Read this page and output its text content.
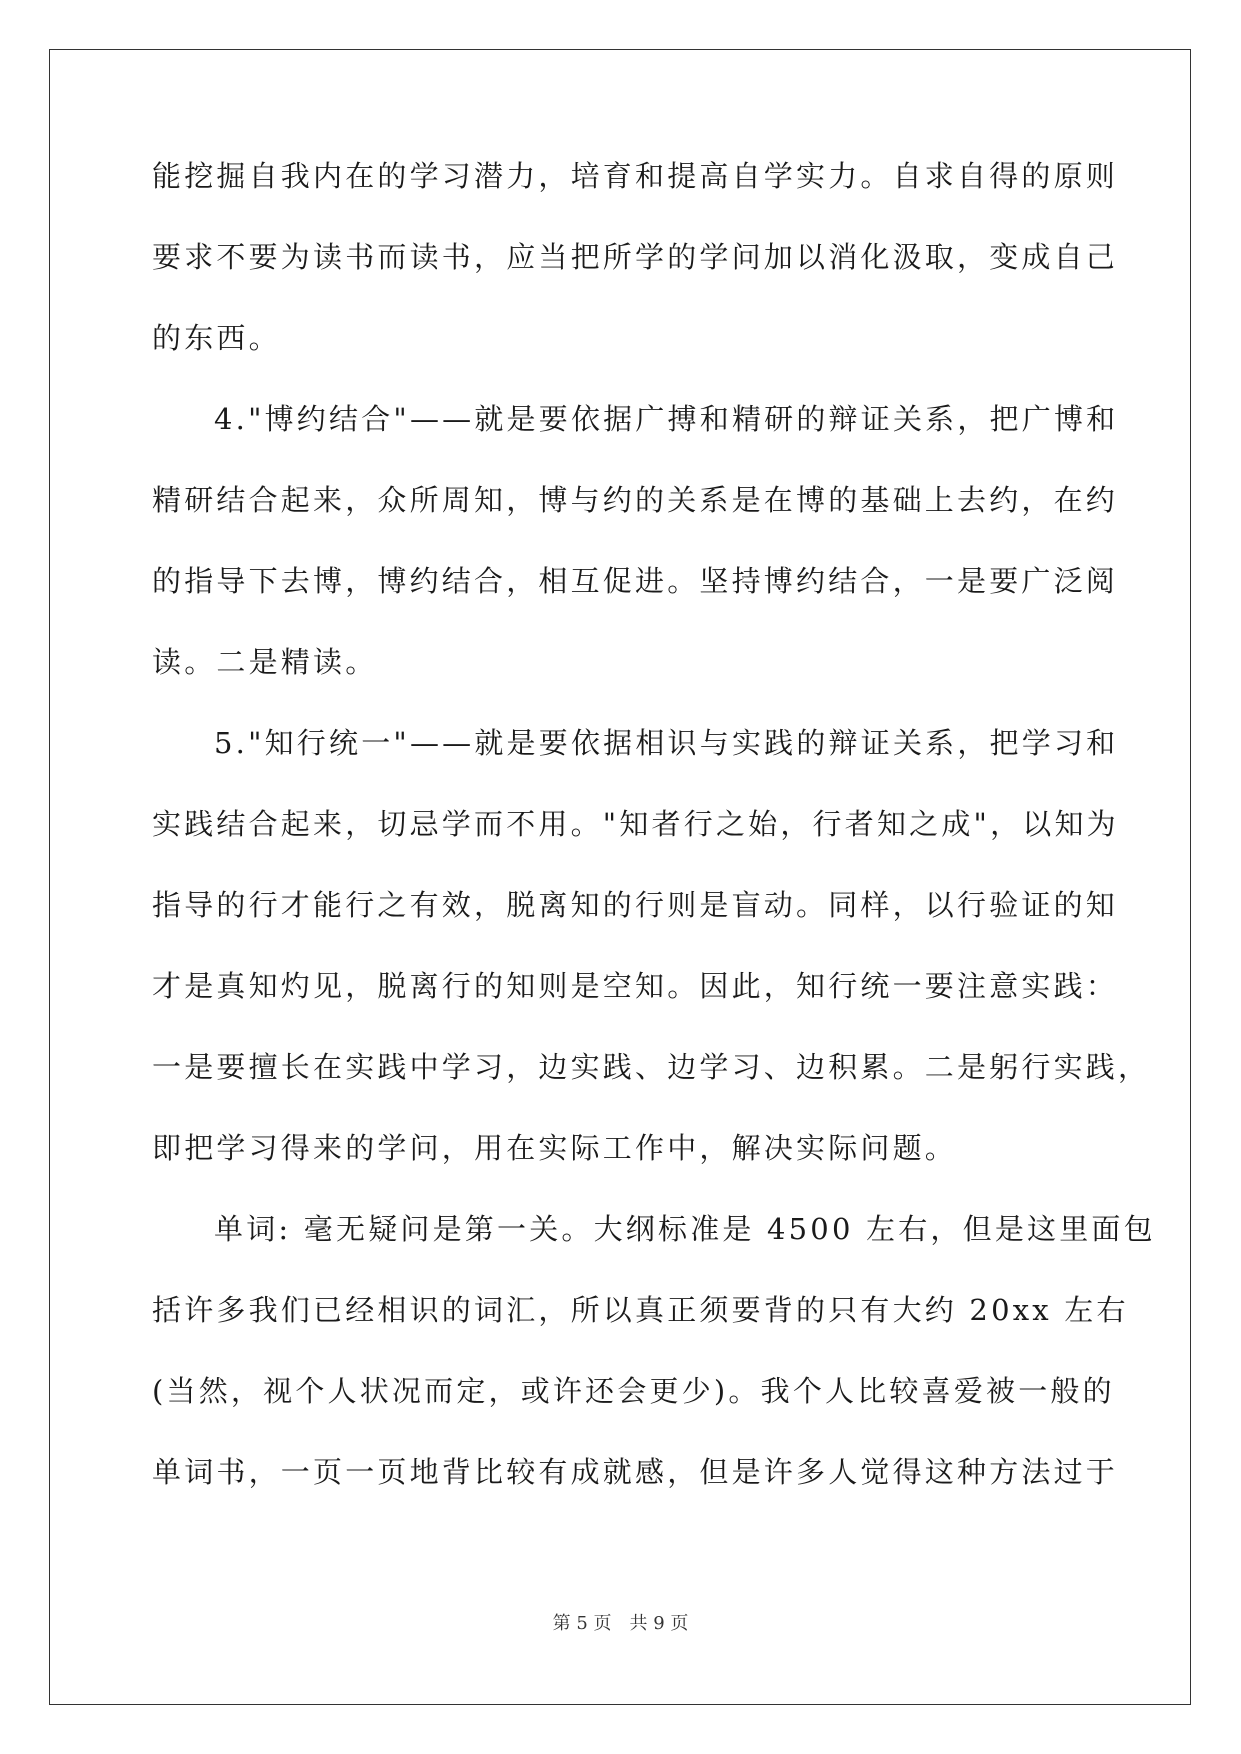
能挖掘自我内在的学习潜力，培育和提高自学实力。自求自得的原则
要求不要为读书而读书，应当把所学的学问加以消化汲取，变成自己
的东西。
4."博约结合"——就是要依据广搏和精研的辩证关系，把广博和
精研结合起来，众所周知，博与约的关系是在博的基础上去约，在约
的指导下去博，博约结合，相互促进。坚持博约结合，一是要广泛阅
读。二是精读。
5."知行统一"——就是要依据相识与实践的辩证关系，把学习和
实践结合起来，切忌学而不用。"知者行之始，行者知之成"，以知为
指导的行才能行之有效，脱离知的行则是盲动。同样，以行验证的知
才是真知灼见，脱离行的知则是空知。因此，知行统一要注意实践：
一是要擅长在实践中学习，边实践、边学习、边积累。二是躬行实践，
即把学习得来的学问，用在实际工作中，解决实际问题。
单词: 毫无疑问是第一关。大纲标准是 4500 左右，但是这里面包
括许多我们已经相识的词汇，所以真正须要背的只有大约 20xx 左右
(当然，视个人状况而定，或许还会更少)。我个人比较喜爱被一般的
单词书，一页一页地背比较有成就感，但是许多人觉得这种方法过于
第 5 页　共 9 页
